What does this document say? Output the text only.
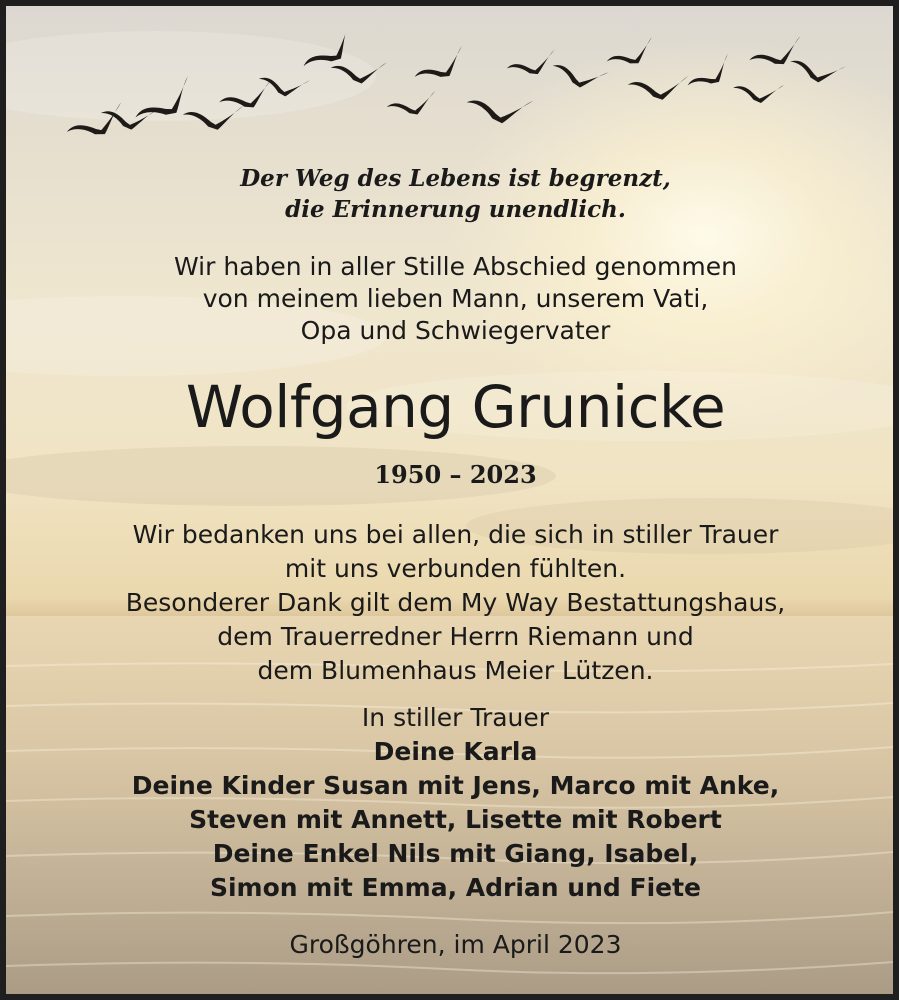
Der Weg des Lebens ist begrenzt,
die Erinnerung unendlich.
Wir haben in aller Stille Abschied genommen
von meinem lieben Mann, unserem Vati,
Opa und Schwiegervater
Wolfgang Grunicke
1950 – 2023
Wir bedanken uns bei allen, die sich in stiller Trauer
mit uns verbunden fühlten.
Besonderer Dank gilt dem My Way Bestattungshaus,
dem Trauerredner Herrn Riemann und
dem Blumenhaus Meier Lützen.
In stiller Trauer
Deine Karla
Deine Kinder Susan mit Jens, Marco mit Anke,
Steven mit Annett, Lisette mit Robert
Deine Enkel Nils mit Giang, Isabel,
Simon mit Emma, Adrian und Fiete
Großgöhren, im April 2023
